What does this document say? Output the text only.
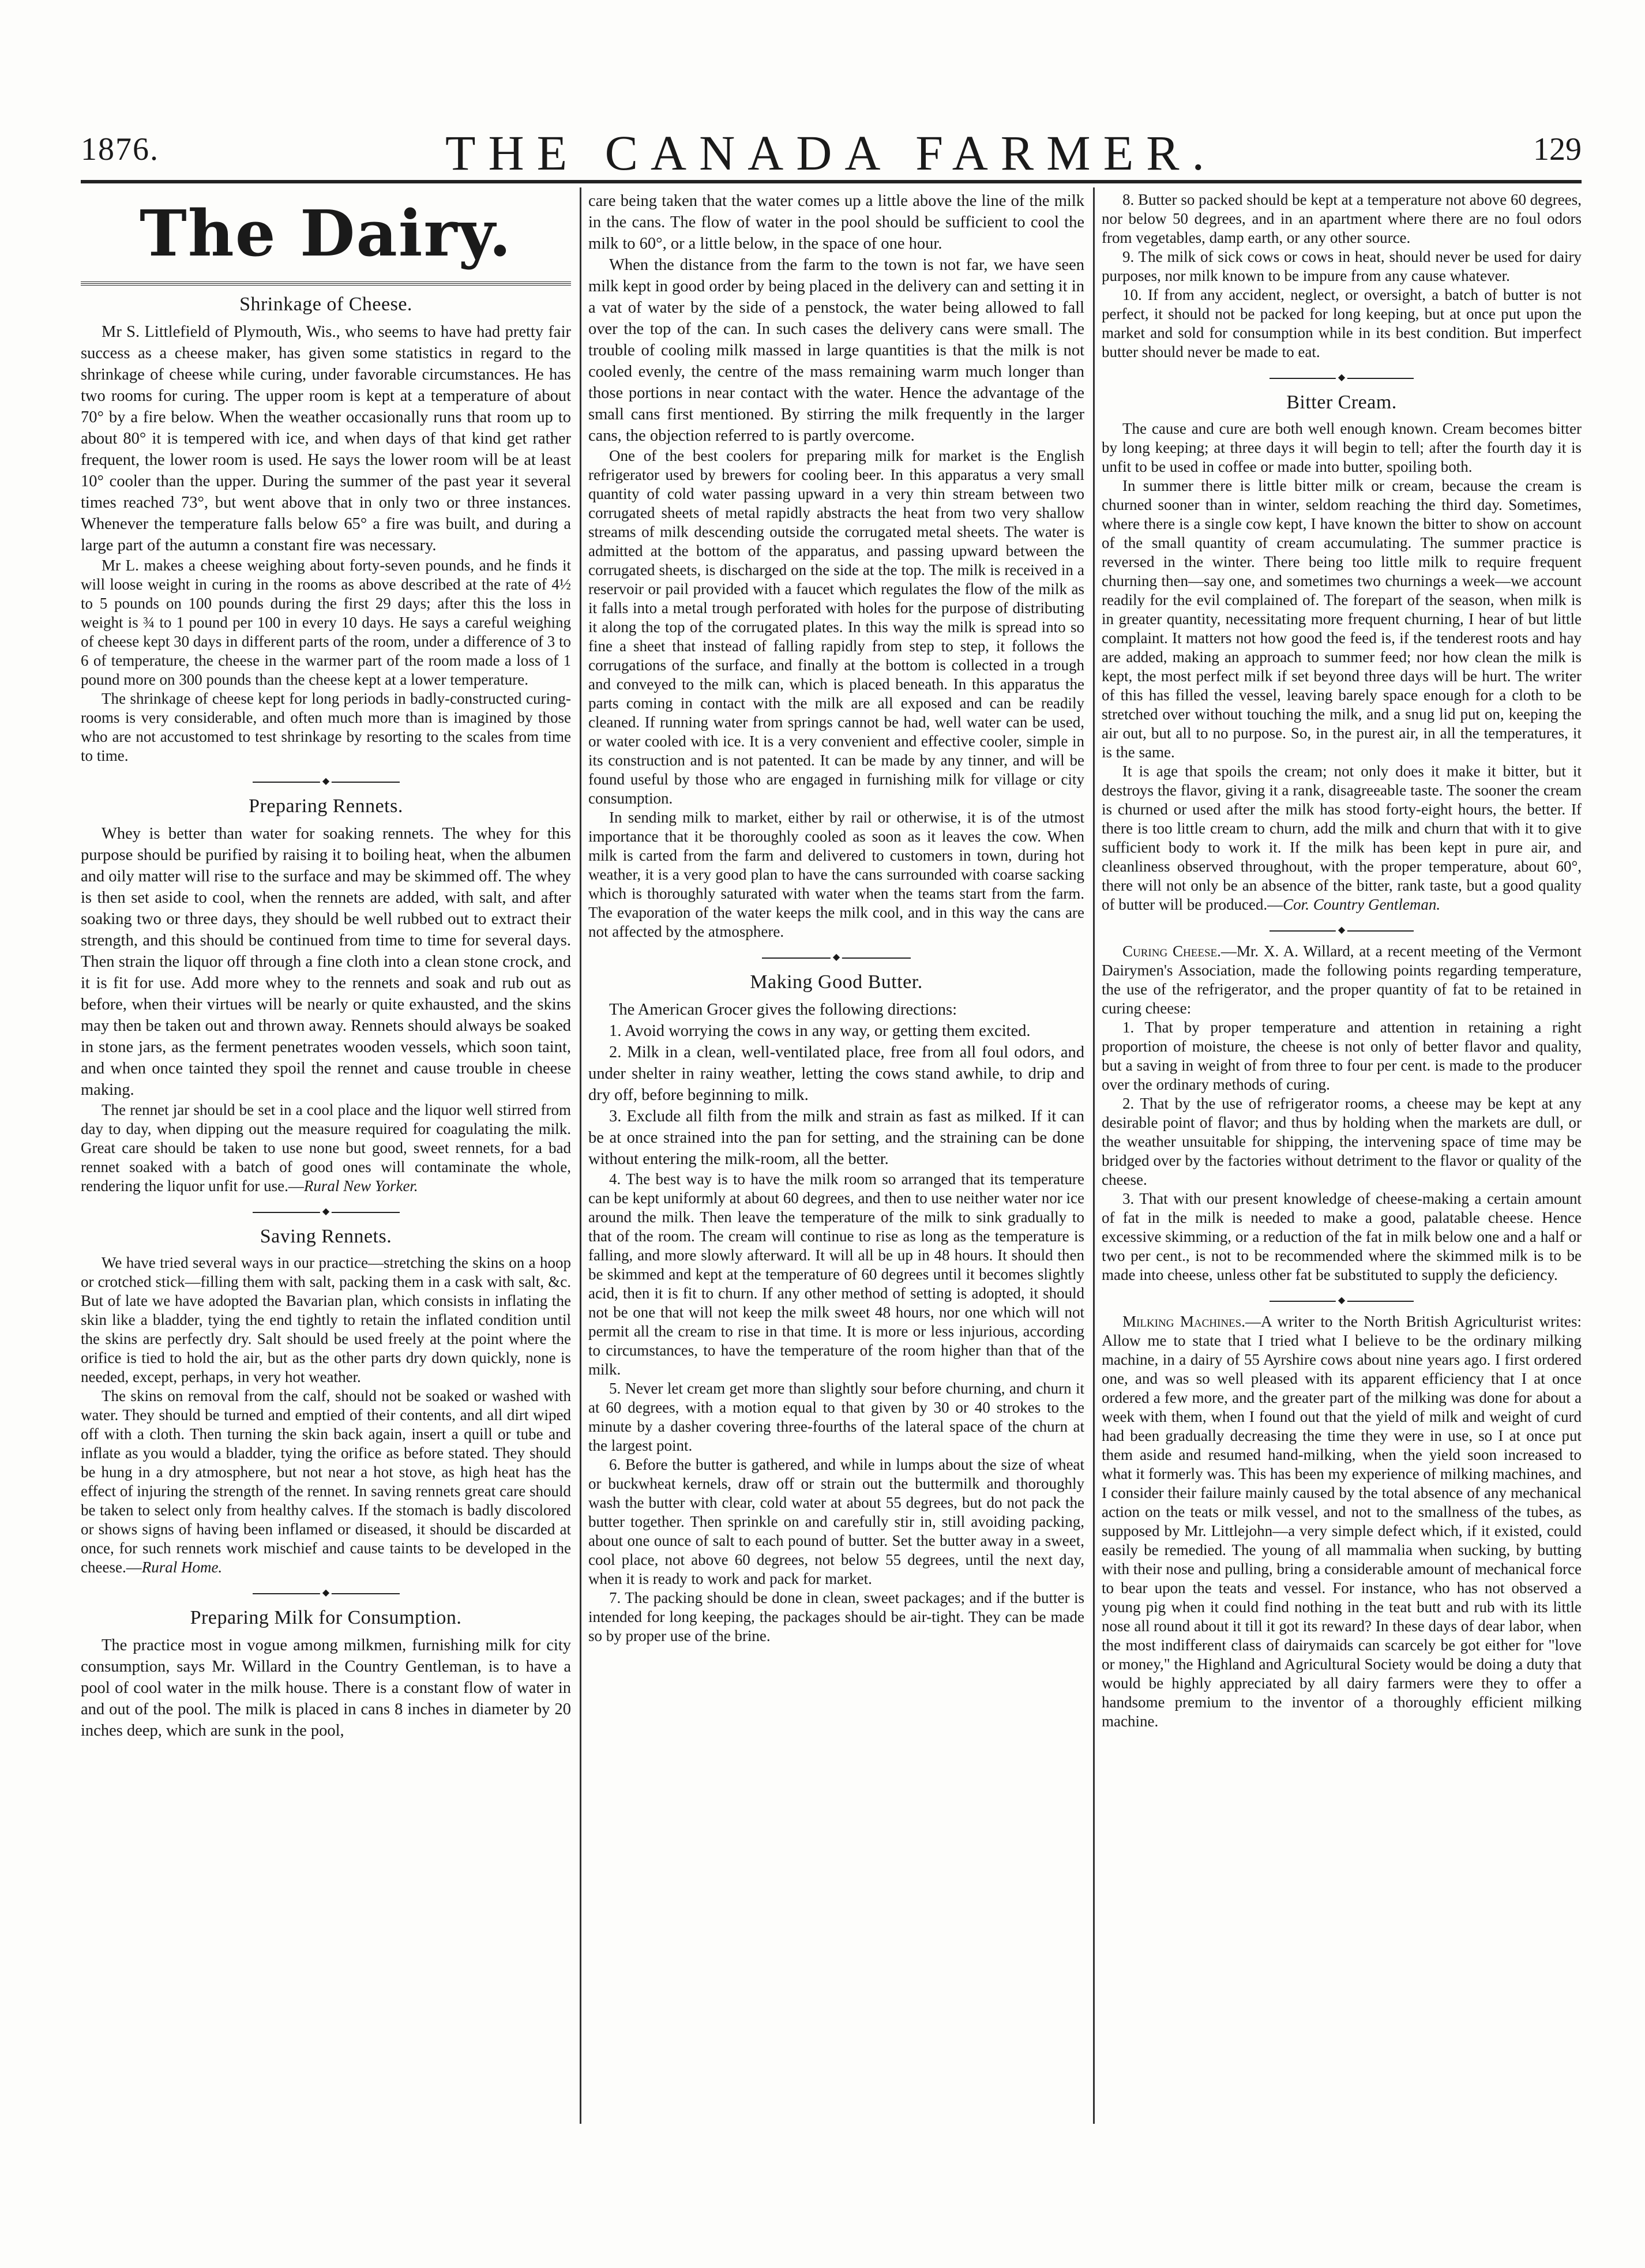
1876.	THE CANADA FARMER.	129
The Dairy.
Shrinkage of Cheese.

Mr S. Littlefield of Plymouth, Wis., who seems to have had pretty fair success as a cheese maker, has given some statistics in regard to the shrinkage of cheese while curing, under favorable circumstances. He has two rooms for curing. The upper room is kept at a temperature of about 70° by a fire below. When the weather occasionally runs that room up to about 80° it is tempered with ice, and when days of that kind get rather frequent, the lower room is used. He says the lower room will be at least 10° cooler than the upper. During the summer of the past year it several times reached 73°, but went above that in only two or three instances. Whenever the temperature falls below 65° a fire was built, and during a large part of the autumn a constant fire was necessary.

Mr L. makes a cheese weighing about forty-seven pounds, and he finds it will loose weight in curing in the rooms as above described at the rate of 4½ to 5 pounds on 100 pounds during the first 29 days; after this the loss in weight is ¾ to 1 pound per 100 in every 10 days. He says a careful weighing of cheese kept 30 days in different parts of the room, under a difference of 3 to 6 of temperature, the cheese in the warmer part of the room made a loss of 1 pound more on 300 pounds than the cheese kept at a lower temperature.

The shrinkage of cheese kept for long periods in badly-constructed curing-rooms is very considerable, and often much more than is imagined by those who are not accustomed to test shrinkage by resorting to the scales from time to time.

◆
Preparing Rennets.

Whey is better than water for soaking rennets. The whey for this purpose should be purified by raising it to boiling heat, when the albumen and oily matter will rise to the surface and may be skimmed off. The whey is then set aside to cool, when the rennets are added, with salt, and after soaking two or three days, they should be well rubbed out to extract their strength, and this should be continued from time to time for several days. Then strain the liquor off through a fine cloth into a clean stone crock, and it is fit for use. Add more whey to the rennets and soak and rub out as before, when their virtues will be nearly or quite exhausted, and the skins may then be taken out and thrown away. Rennets should always be soaked in stone jars, as the ferment penetrates wooden vessels, which soon taint, and when once tainted they spoil the rennet and cause trouble in cheese making.

The rennet jar should be set in a cool place and the liquor well stirred from day to day, when dipping out the measure required for coagulating the milk. Great care should be taken to use none but good, sweet rennets, for a bad rennet soaked with a batch of good ones will contaminate the whole, rendering the liquor unfit for use.—Rural New Yorker.

◆
Saving Rennets.

We have tried several ways in our practice—stretching the skins on a hoop or crotched stick—filling them with salt, packing them in a cask with salt, &c. But of late we have adopted the Bavarian plan, which consists in inflating the skin like a bladder, tying the end tightly to retain the inflated condition until the skins are perfectly dry. Salt should be used freely at the point where the orifice is tied to hold the air, but as the other parts dry down quickly, none is needed, except, perhaps, in very hot weather.

The skins on removal from the calf, should not be soaked or washed with water. They should be turned and emptied of their contents, and all dirt wiped off with a cloth. Then turning the skin back again, insert a quill or tube and inflate as you would a bladder, tying the orifice as before stated. They should be hung in a dry atmosphere, but not near a hot stove, as high heat has the effect of injuring the strength of the rennet. In saving rennets great care should be taken to select only from healthy calves. If the stomach is badly discolored or shows signs of having been inflamed or diseased, it should be discarded at once, for such rennets work mischief and cause taints to be developed in the cheese.—Rural Home.

◆
Preparing Milk for Consumption.

The practice most in vogue among milkmen, furnishing milk for city consumption, says Mr. Willard in the Country Gentleman, is to have a pool of cool water in the milk house. There is a constant flow of water in and out of the pool. The milk is placed in cans 8 inches in diameter by 20 inches deep, which are sunk in the pool,

care being taken that the water comes up a little above the line of the milk in the cans. The flow of water in the pool should be sufficient to cool the milk to 60°, or a little below, in the space of one hour.

When the distance from the farm to the town is not far, we have seen milk kept in good order by being placed in the delivery can and setting it in a vat of water by the side of a penstock, the water being allowed to fall over the top of the can. In such cases the delivery cans were small. The trouble of cooling milk massed in large quantities is that the milk is not cooled evenly, the centre of the mass remaining warm much longer than those portions in near contact with the water. Hence the advantage of the small cans first mentioned. By stirring the milk frequently in the larger cans, the objection referred to is partly overcome.

One of the best coolers for preparing milk for market is the English refrigerator used by brewers for cooling beer. In this apparatus a very small quantity of cold water passing upward in a very thin stream between two corrugated sheets of metal rapidly abstracts the heat from two very shallow streams of milk descending outside the corrugated metal sheets. The water is admitted at the bottom of the apparatus, and passing upward between the corrugated sheets, is discharged on the side at the top. The milk is received in a reservoir or pail provided with a faucet which regulates the flow of the milk as it falls into a metal trough perforated with holes for the purpose of distributing it along the top of the corrugated plates. In this way the milk is spread into so fine a sheet that instead of falling rapidly from step to step, it follows the corrugations of the surface, and finally at the bottom is collected in a trough and conveyed to the milk can, which is placed beneath. In this apparatus the parts coming in contact with the milk are all exposed and can be readily cleaned. If running water from springs cannot be had, well water can be used, or water cooled with ice. It is a very convenient and effective cooler, simple in its construction and is not patented. It can be made by any tinner, and will be found useful by those who are engaged in furnishing milk for village or city consumption.

In sending milk to market, either by rail or otherwise, it is of the utmost importance that it be thoroughly cooled as soon as it leaves the cow. When milk is carted from the farm and delivered to customers in town, during hot weather, it is a very good plan to have the cans surrounded with coarse sacking which is thoroughly saturated with water when the teams start from the farm. The evaporation of the water keeps the milk cool, and in this way the cans are not affected by the atmosphere.

◆
Making Good Butter.

The American Grocer gives the following directions:

1. Avoid worrying the cows in any way, or getting them excited.

2. Milk in a clean, well-ventilated place, free from all foul odors, and under shelter in rainy weather, letting the cows stand awhile, to drip and dry off, before beginning to milk.

3. Exclude all filth from the milk and strain as fast as milked. If it can be at once strained into the pan for setting, and the straining can be done without entering the milk-room, all the better.

4. The best way is to have the milk room so arranged that its temperature can be kept uniformly at about 60 degrees, and then to use neither water nor ice around the milk. Then leave the temperature of the milk to sink gradually to that of the room. The cream will continue to rise as long as the temperature is falling, and more slowly afterward. It will all be up in 48 hours. It should then be skimmed and kept at the temperature of 60 degrees until it becomes slightly acid, then it is fit to churn. If any other method of setting is adopted, it should not be one that will not keep the milk sweet 48 hours, nor one which will not permit all the cream to rise in that time. It is more or less injurious, according to circumstances, to have the temperature of the room higher than that of the milk.

5. Never let cream get more than slightly sour before churning, and churn it at 60 degrees, with a motion equal to that given by 30 or 40 strokes to the minute by a dasher covering three-fourths of the lateral space of the churn at the largest point.

6. Before the butter is gathered, and while in lumps about the size of wheat or buckwheat kernels, draw off or strain out the buttermilk and thoroughly wash the butter with clear, cold water at about 55 degrees, but do not pack the butter together. Then sprinkle on and carefully stir in, still avoiding packing, about one ounce of salt to each pound of butter. Set the butter away in a sweet, cool place, not above 60 degrees, not below 55 degrees, until the next day, when it is ready to work and pack for market.

7. The packing should be done in clean, sweet packages; and if the butter is intended for long keeping, the packages should be air-tight. They can be made so by proper use of the brine.

8. Butter so packed should be kept at a temperature not above 60 degrees, nor below 50 degrees, and in an apartment where there are no foul odors from vegetables, damp earth, or any other source.

9. The milk of sick cows or cows in heat, should never be used for dairy purposes, nor milk known to be impure from any cause whatever.

10. If from any accident, neglect, or oversight, a batch of butter is not perfect, it should not be packed for long keeping, but at once put upon the market and sold for consumption while in its best condition. But imperfect butter should never be made to eat.

◆
Bitter Cream.

The cause and cure are both well enough known. Cream becomes bitter by long keeping; at three days it will begin to tell; after the fourth day it is unfit to be used in coffee or made into butter, spoiling both.

In summer there is little bitter milk or cream, because the cream is churned sooner than in winter, seldom reaching the third day. Sometimes, where there is a single cow kept, I have known the bitter to show on account of the small quantity of cream accumulating. The summer practice is reversed in the winter. There being too little milk to require frequent churning then—say one, and sometimes two churnings a week—we account readily for the evil complained of. The forepart of the season, when milk is in greater quantity, necessitating more frequent churning, I hear of but little complaint. It matters not how good the feed is, if the tenderest roots and hay are added, making an approach to summer feed; nor how clean the milk is kept, the most perfect milk if set beyond three days will be hurt. The writer of this has filled the vessel, leaving barely space enough for a cloth to be stretched over without touching the milk, and a snug lid put on, keeping the air out, but all to no purpose. So, in the purest air, in all the temperatures, it is the same.

It is age that spoils the cream; not only does it make it bitter, but it destroys the flavor, giving it a rank, disagreeable taste. The sooner the cream is churned or used after the milk has stood forty-eight hours, the better. If there is too little cream to churn, add the milk and churn that with it to give sufficient body to work it. If the milk has been kept in pure air, and cleanliness observed throughout, with the proper temperature, about 60°, there will not only be an absence of the bitter, rank taste, but a good quality of butter will be produced.—Cor. Country Gentleman.

◆

Curing Cheese.—Mr. X. A. Willard, at a recent meeting of the Vermont Dairymen's Association, made the following points regarding temperature, the use of the refrigerator, and the proper quantity of fat to be retained in curing cheese:

1. That by proper temperature and attention in retaining a right proportion of moisture, the cheese is not only of better flavor and quality, but a saving in weight of from three to four per cent. is made to the producer over the ordinary methods of curing.

2. That by the use of refrigerator rooms, a cheese may be kept at any desirable point of flavor; and thus by holding when the markets are dull, or the weather unsuitable for shipping, the intervening space of time may be bridged over by the factories without detriment to the flavor or quality of the cheese.

3. That with our present knowledge of cheese-making a certain amount of fat in the milk is needed to make a good, palatable cheese. Hence excessive skimming, or a reduction of the fat in milk below one and a half or two per cent., is not to be recommended where the skimmed milk is to be made into cheese, unless other fat be substituted to supply the deficiency.

◆

Milking Machines.—A writer to the North British Agriculturist writes: Allow me to state that I tried what I believe to be the ordinary milking machine, in a dairy of 55 Ayrshire cows about nine years ago. I first ordered one, and was so well pleased with its apparent efficiency that I at once ordered a few more, and the greater part of the milking was done for about a week with them, when I found out that the yield of milk and weight of curd had been gradually decreasing the time they were in use, so I at once put them aside and resumed hand-milking, when the yield soon increased to what it formerly was. This has been my experience of milking machines, and I consider their failure mainly caused by the total absence of any mechanical action on the teats or milk vessel, and not to the smallness of the tubes, as supposed by Mr. Littlejohn—a very simple defect which, if it existed, could easily be remedied. The young of all mammalia when sucking, by butting with their nose and pulling, bring a considerable amount of mechanical force to bear upon the teats and vessel. For instance, who has not observed a young pig when it could find nothing in the teat butt and rub with its little nose all round about it till it got its reward? In these days of dear labor, when the most indifferent class of dairymaids can scarcely be got either for "love or money," the Highland and Agricultural Society would be doing a duty that would be highly appreciated by all dairy farmers were they to offer a handsome premium to the inventor of a thoroughly efficient milking machine.
